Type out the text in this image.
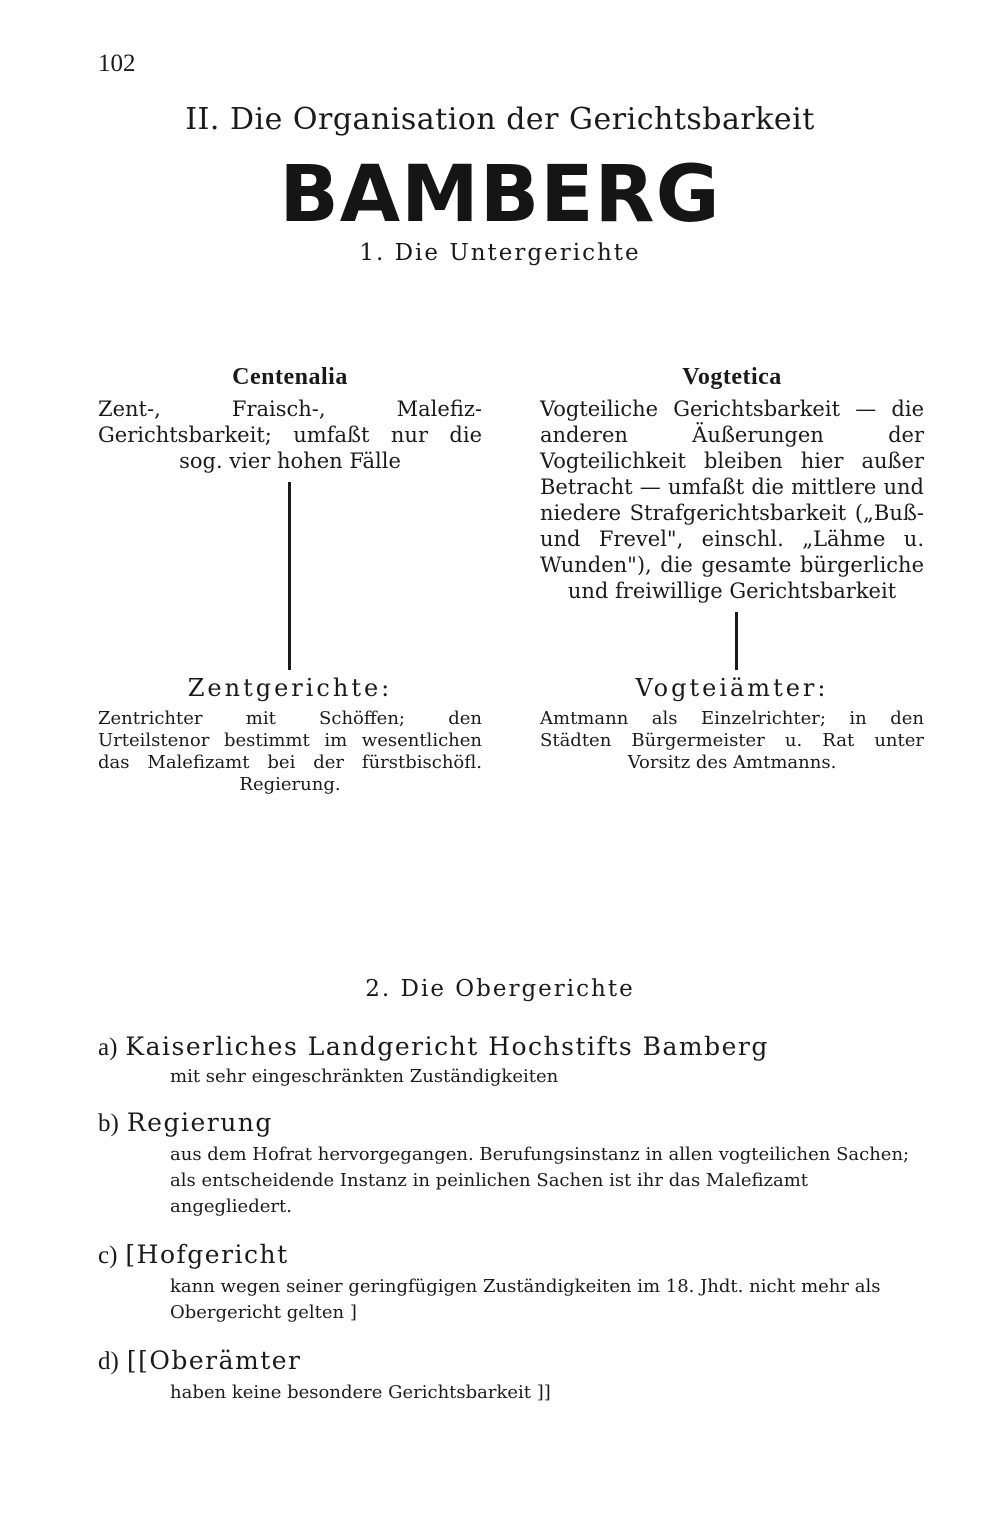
102
II. Die Organisation der Gerichtsbarkeit
BAMBERG
1. Die Untergerichte
Centenalia
Zent-, Fraisch-, Malefiz-Gerichtsbarkeit; umfaßt nur die sog. vier hohen Fälle
Zentgerichte:
Zentrichter mit Schöffen; den Urteilstenor bestimmt im wesentlichen das Malefizamt bei der fürstbischöfl. Regierung.
Vogtetica
Vogteiliche Gerichtsbarkeit — die anderen Äußerungen der Vogteilichkeit bleiben hier außer Betracht — umfaßt die mittlere und niedere Strafgerichtsbarkeit („Buß- und Frevel", einschl. „Lähme u. Wunden"), die gesamte bürgerliche und freiwillige Gerichtsbarkeit
Vogteiämter:
Amtmann als Einzelrichter; in den Städten Bürgermeister u. Rat unter Vorsitz des Amtmanns.
2. Die Obergerichte
a) Kaiserliches Landgericht Hochstifts Bamberg
mit sehr eingeschränkten Zuständigkeiten
b) Regierung
aus dem Hofrat hervorgegangen. Berufungsinstanz in allen vogteilichen Sachen; als entscheidende Instanz in peinlichen Sachen ist ihr das Malefizamt angegliedert.
c) [Hofgericht
kann wegen seiner geringfügigen Zuständigkeiten im 18. Jhdt. nicht mehr als Obergericht gelten ]
d) [[Oberämter
haben keine besondere Gerichtsbarkeit ]]
